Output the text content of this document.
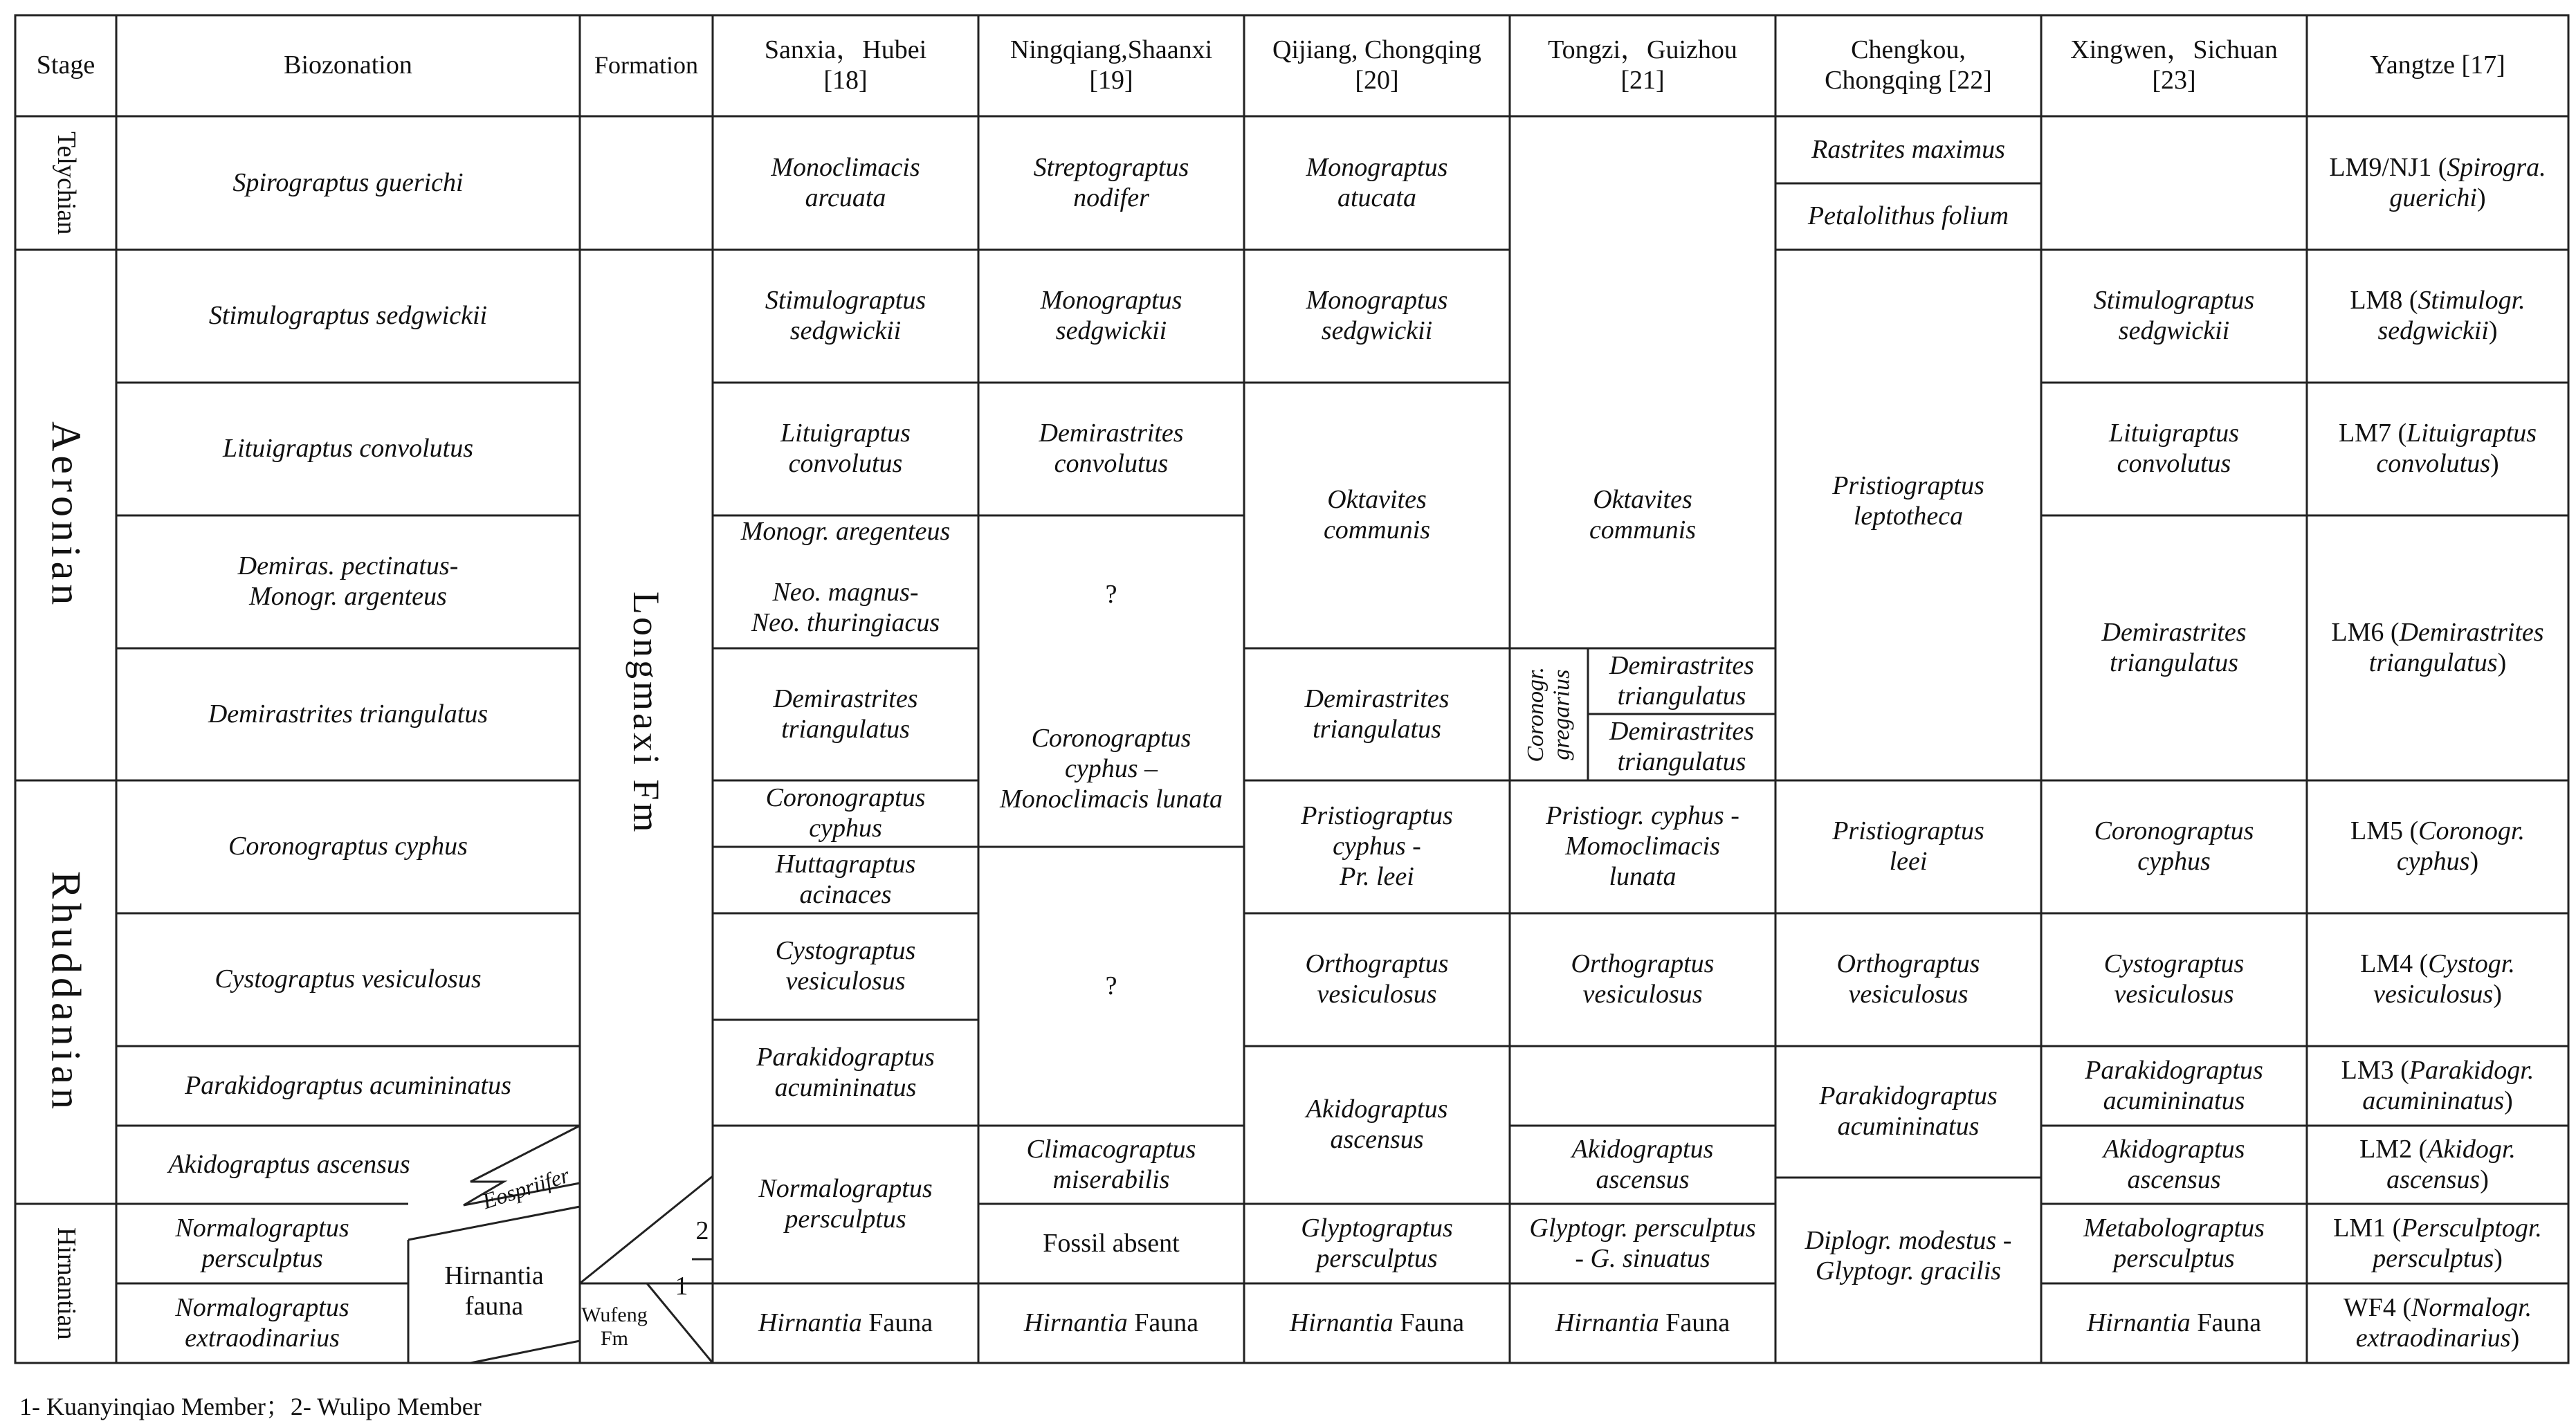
Stage	Biozonation	Formation
Sanxia，Hubei
[18]
Ningqiang,Shaanxi
[19]
Qijiang, Chongqing
[20]
Tongzi，Guizhou
[21]
Chengkou,
Chongqing [22]
Xingwen，Sichuan
[23]
Yangtze [17]
Telychian
Aeronian
Rhuddanian
Hirnantian
Spirograptus guerichi
Stimulograptus sedgwickii
Lituigraptus convolutus
Demiras. pectinatus-
Monogr. argenteus
Demirastrites triangulatus
Coronograptus cyphus
Cystograptus vesiculosus
Parakidograptus acumininatus
Akidograptus ascensus
Normalograptus
persculptus
Normalograptus
extraodinarius
Hirnantia
fauna
Eospriifer
Longmaxi Fm
Wufeng
Fm
1
2
Monoclimacis
arcuata
Stimulograptus
sedgwickii
Lituigraptus
convolutus
Monogr. aregenteus
Neo. magnus-
Neo. thuringiacus
Demirastrites
triangulatus
Coronograptus
cyphus
Huttagraptus
acinaces
Cystograptus
vesiculosus
Parakidograptus
acumininatus
Normalograptus
persculptus
Hirnantia
Fauna
Streptograptus
nodifer
Monograptus
sedgwickii
Demirastrites
convolutus
?
Coronograptus
cyphus –
Monoclimacis lunata
?
Climacograptus
miserabilis
Fossil absent
Hirnantia
Fauna
Monograptus
atucata
Monograptus
sedgwickii
Oktavites
communis
Demirastrites
triangulatus
Pristiograptus
cyphus -
Pr. leei
Orthograptus
vesiculosus
Akidograptus
ascensus
Glyptograptus
persculptus
Hirnantia
Fauna
Oktavites
communis
Coronogr.
gregarius
Demirastrites
triangulatus
Demirastrites
triangulatus
Pristiogr. cyphus -
Momoclimacis
lunata
Orthograptus
vesiculosus
Akidograptus
ascensus
Glyptogr. persculptus
- G. sinuatus
Hirnantia
Fauna
Rastrites maximus
Petalolithus folium
Pristiograptus
leptotheca
Pristiograptus
leei
Orthograptus
vesiculosus
Parakidograptus
acumininatus
Diplogr. modestus -
Glyptogr. gracilis
Stimulograptus
sedgwickii
Lituigraptus
convolutus
Demirastrites
triangulatus
Coronograptus
cyphus
Cystograptus
vesiculosus
Parakidograptus
acumininatus
Akidograptus
ascensus
Metabolograptus
persculptus
Hirnantia
Fauna
LM9/NJ1 (Spirogra.
guerichi)
LM8 (Stimulogr.
sedgwickii)
LM7 (Lituigraptus
convolutus)
LM6 (Demirastrites
triangulatus)
LM5 (Coronogr.
cyphus)
LM4 (Cystogr.
vesiculosus)
LM3 (Parakidogr.
acumininatus)
LM2 (Akidogr.
ascensus)
LM1 (Persculptogr.
persculptus)
WF4 (Normalogr.
extraodinarius)
1- Kuanyinqiao Member；2- Wulipo Member
